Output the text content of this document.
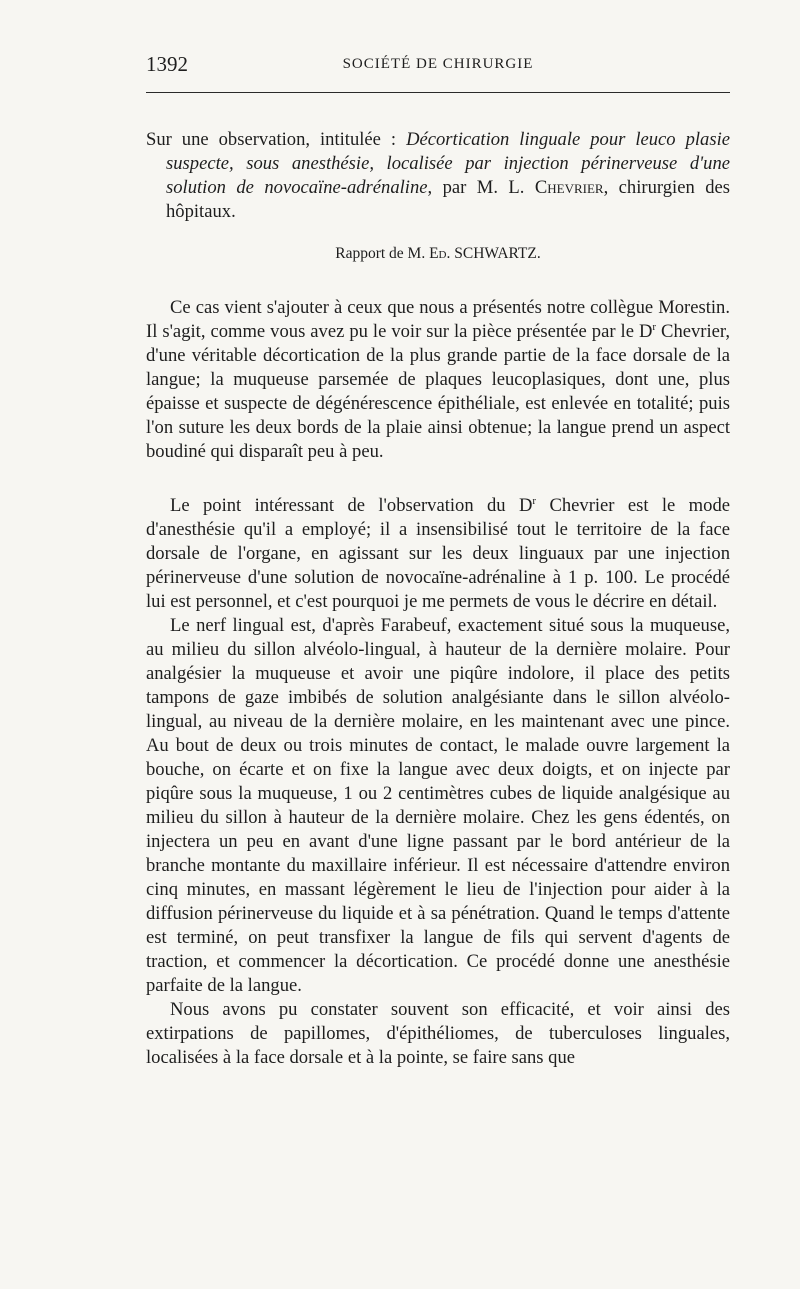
1392	SOCIÉTÉ DE CHIRURGIE

Sur une observation, intitulée : Décortication linguale pour leuco plasie suspecte, sous anesthésie, localisée par injection périnerveuse d'une solution de novocaïne-adrénaline, par M. L. Chevrier, chirurgien des hôpitaux.

Rapport de M. Ed. SCHWARTZ.

Ce cas vient s'ajouter à ceux que nous a présentés notre collègue Morestin. Il s'agit, comme vous avez pu le voir sur la pièce présentée par le $D^r$ Chevrier, d'une véritable décortication de la plus grande partie de la face dorsale de la langue; la muqueuse parsemée de plaques leucoplasiques, dont une, plus épaisse et suspecte de dégénérescence épithéliale, est enlevée en totalité; puis l'on suture les deux bords de la plaie ainsi obtenue; la langue prend un aspect boudiné qui disparaît peu à peu.

Le point intéressant de l'observation du $D^r$ Chevrier est le mode d'anesthésie qu'il a employé; il a insensibilisé tout le territoire de la face dorsale de l'organe, en agissant sur les deux linguaux par une injection périnerveuse d'une solution de novocaïne-adrénaline à 1 p. 100. Le procédé lui est personnel, et c'est pourquoi je me permets de vous le décrire en détail.

Le nerf lingual est, d'après Farabeuf, exactement situé sous la muqueuse, au milieu du sillon alvéolo-lingual, à hauteur de la dernière molaire. Pour analgésier la muqueuse et avoir une piqûre indolore, il place des petits tampons de gaze imbibés de solution analgésiante dans le sillon alvéolo-lingual, au niveau de la dernière molaire, en les maintenant avec une pince. Au bout de deux ou trois minutes de contact, le malade ouvre largement la bouche, on écarte et on fixe la langue avec deux doigts, et on injecte par piqûre sous la muqueuse, 1 ou 2 centimètres cubes de liquide analgésique au milieu du sillon à hauteur de la dernière molaire. Chez les gens édentés, on injectera un peu en avant d'une ligne passant par le bord antérieur de la branche montante du maxillaire inférieur. Il est nécessaire d'attendre environ cinq minutes, en massant légèrement le lieu de l'injection pour aider à la diffusion périnerveuse du liquide et à sa pénétration. Quand le temps d'attente est terminé, on peut transfixer la langue de fils qui servent d'agents de traction, et commencer la décortication. Ce procédé donne une anesthésie parfaite de la langue.

Nous avons pu constater souvent son efficacité, et voir ainsi des extirpations de papillomes, d'épithéliomes, de tuberculoses linguales, localisées à la face dorsale et à la pointe, se faire sans que
